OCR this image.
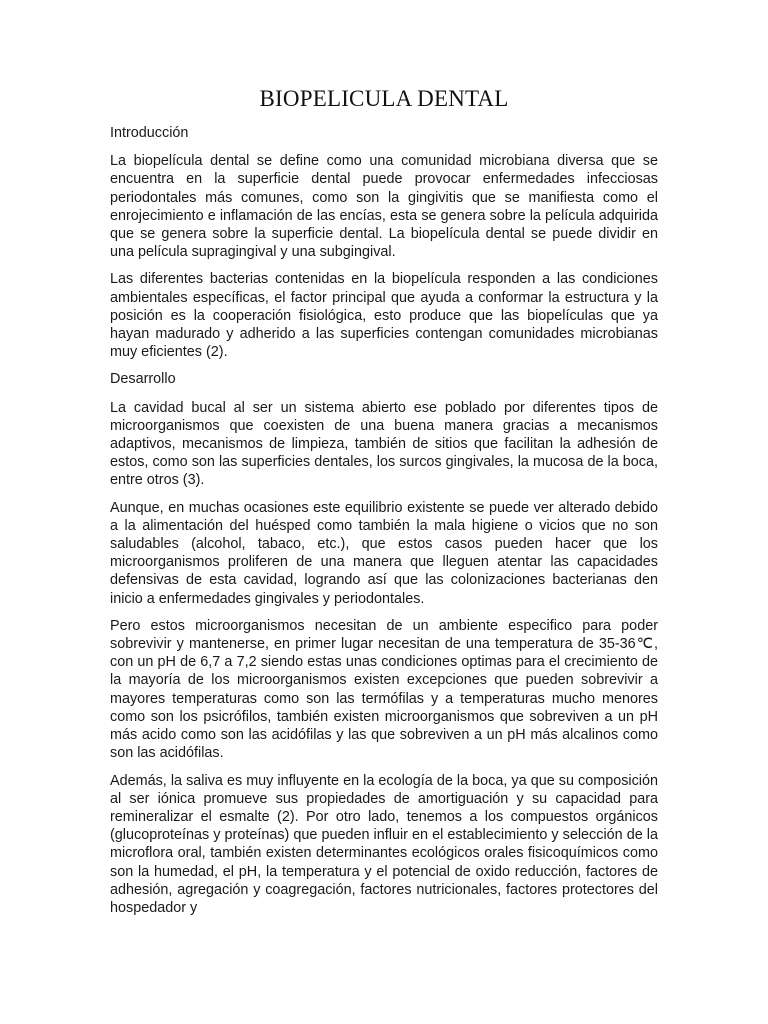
BIOPELICULA DENTAL

Introducción

La biopelícula dental se define como una comunidad microbiana diversa que se encuentra en la superficie dental puede provocar enfermedades infecciosas periodontales más comunes, como son la gingivitis que se manifiesta como el enrojecimiento e inflamación de las encías, esta se genera sobre la película adquirida que se genera sobre la superficie dental. La biopelícula dental se puede dividir en una película supragingival y una subgingival.

Las diferentes bacterias contenidas en la biopelícula responden a las condiciones ambientales específicas, el factor principal que ayuda a conformar la estructura y la posición es la cooperación fisiológica, esto produce que las biopelículas que ya hayan madurado y adherido a las superficies contengan comunidades microbianas muy eficientes (2).

Desarrollo

La cavidad bucal al ser un sistema abierto ese poblado por diferentes tipos de microorganismos que coexisten de una buena manera gracias a mecanismos adaptivos, mecanismos de limpieza, también de sitios que facilitan la adhesión de estos, como son las superficies dentales, los surcos gingivales, la mucosa de la boca, entre otros (3).

Aunque, en muchas ocasiones este equilibrio existente se puede ver alterado debido a la alimentación del huésped como también la mala higiene o vicios que no son saludables (alcohol, tabaco, etc.), que estos casos pueden hacer que los microorganismos proliferen de una manera que lleguen atentar las capacidades defensivas de esta cavidad, logrando así que las colonizaciones bacterianas den inicio a enfermedades gingivales y periodontales.

Pero estos microorganismos necesitan de un ambiente especifico para poder sobrevivir y mantenerse, en primer lugar necesitan de una temperatura de 35-36℃, con un pH de 6,7 a 7,2 siendo estas unas condiciones optimas para el crecimiento de la mayoría de los microorganismos existen excepciones que pueden sobrevivir a mayores temperaturas como son las termófilas y a temperaturas mucho menores como son los psicrófilos, también existen microorganismos que sobreviven a un pH más acido como son las acidófilas y las que sobreviven a un pH más alcalinos como son las acidófilas.

Además, la saliva es muy influyente en la ecología de la boca, ya que su composición al ser iónica promueve sus propiedades de amortiguación y su capacidad para remineralizar el esmalte (2). Por otro lado, tenemos a los compuestos orgánicos (glucoproteínas y proteínas) que pueden influir en el establecimiento y selección de la microflora oral, también existen determinantes ecológicos orales fisicoquímicos como son la humedad, el pH, la temperatura y el potencial de oxido reducción, factores de adhesión, agregación y coagregación, factores nutricionales, factores protectores del hospedador y
